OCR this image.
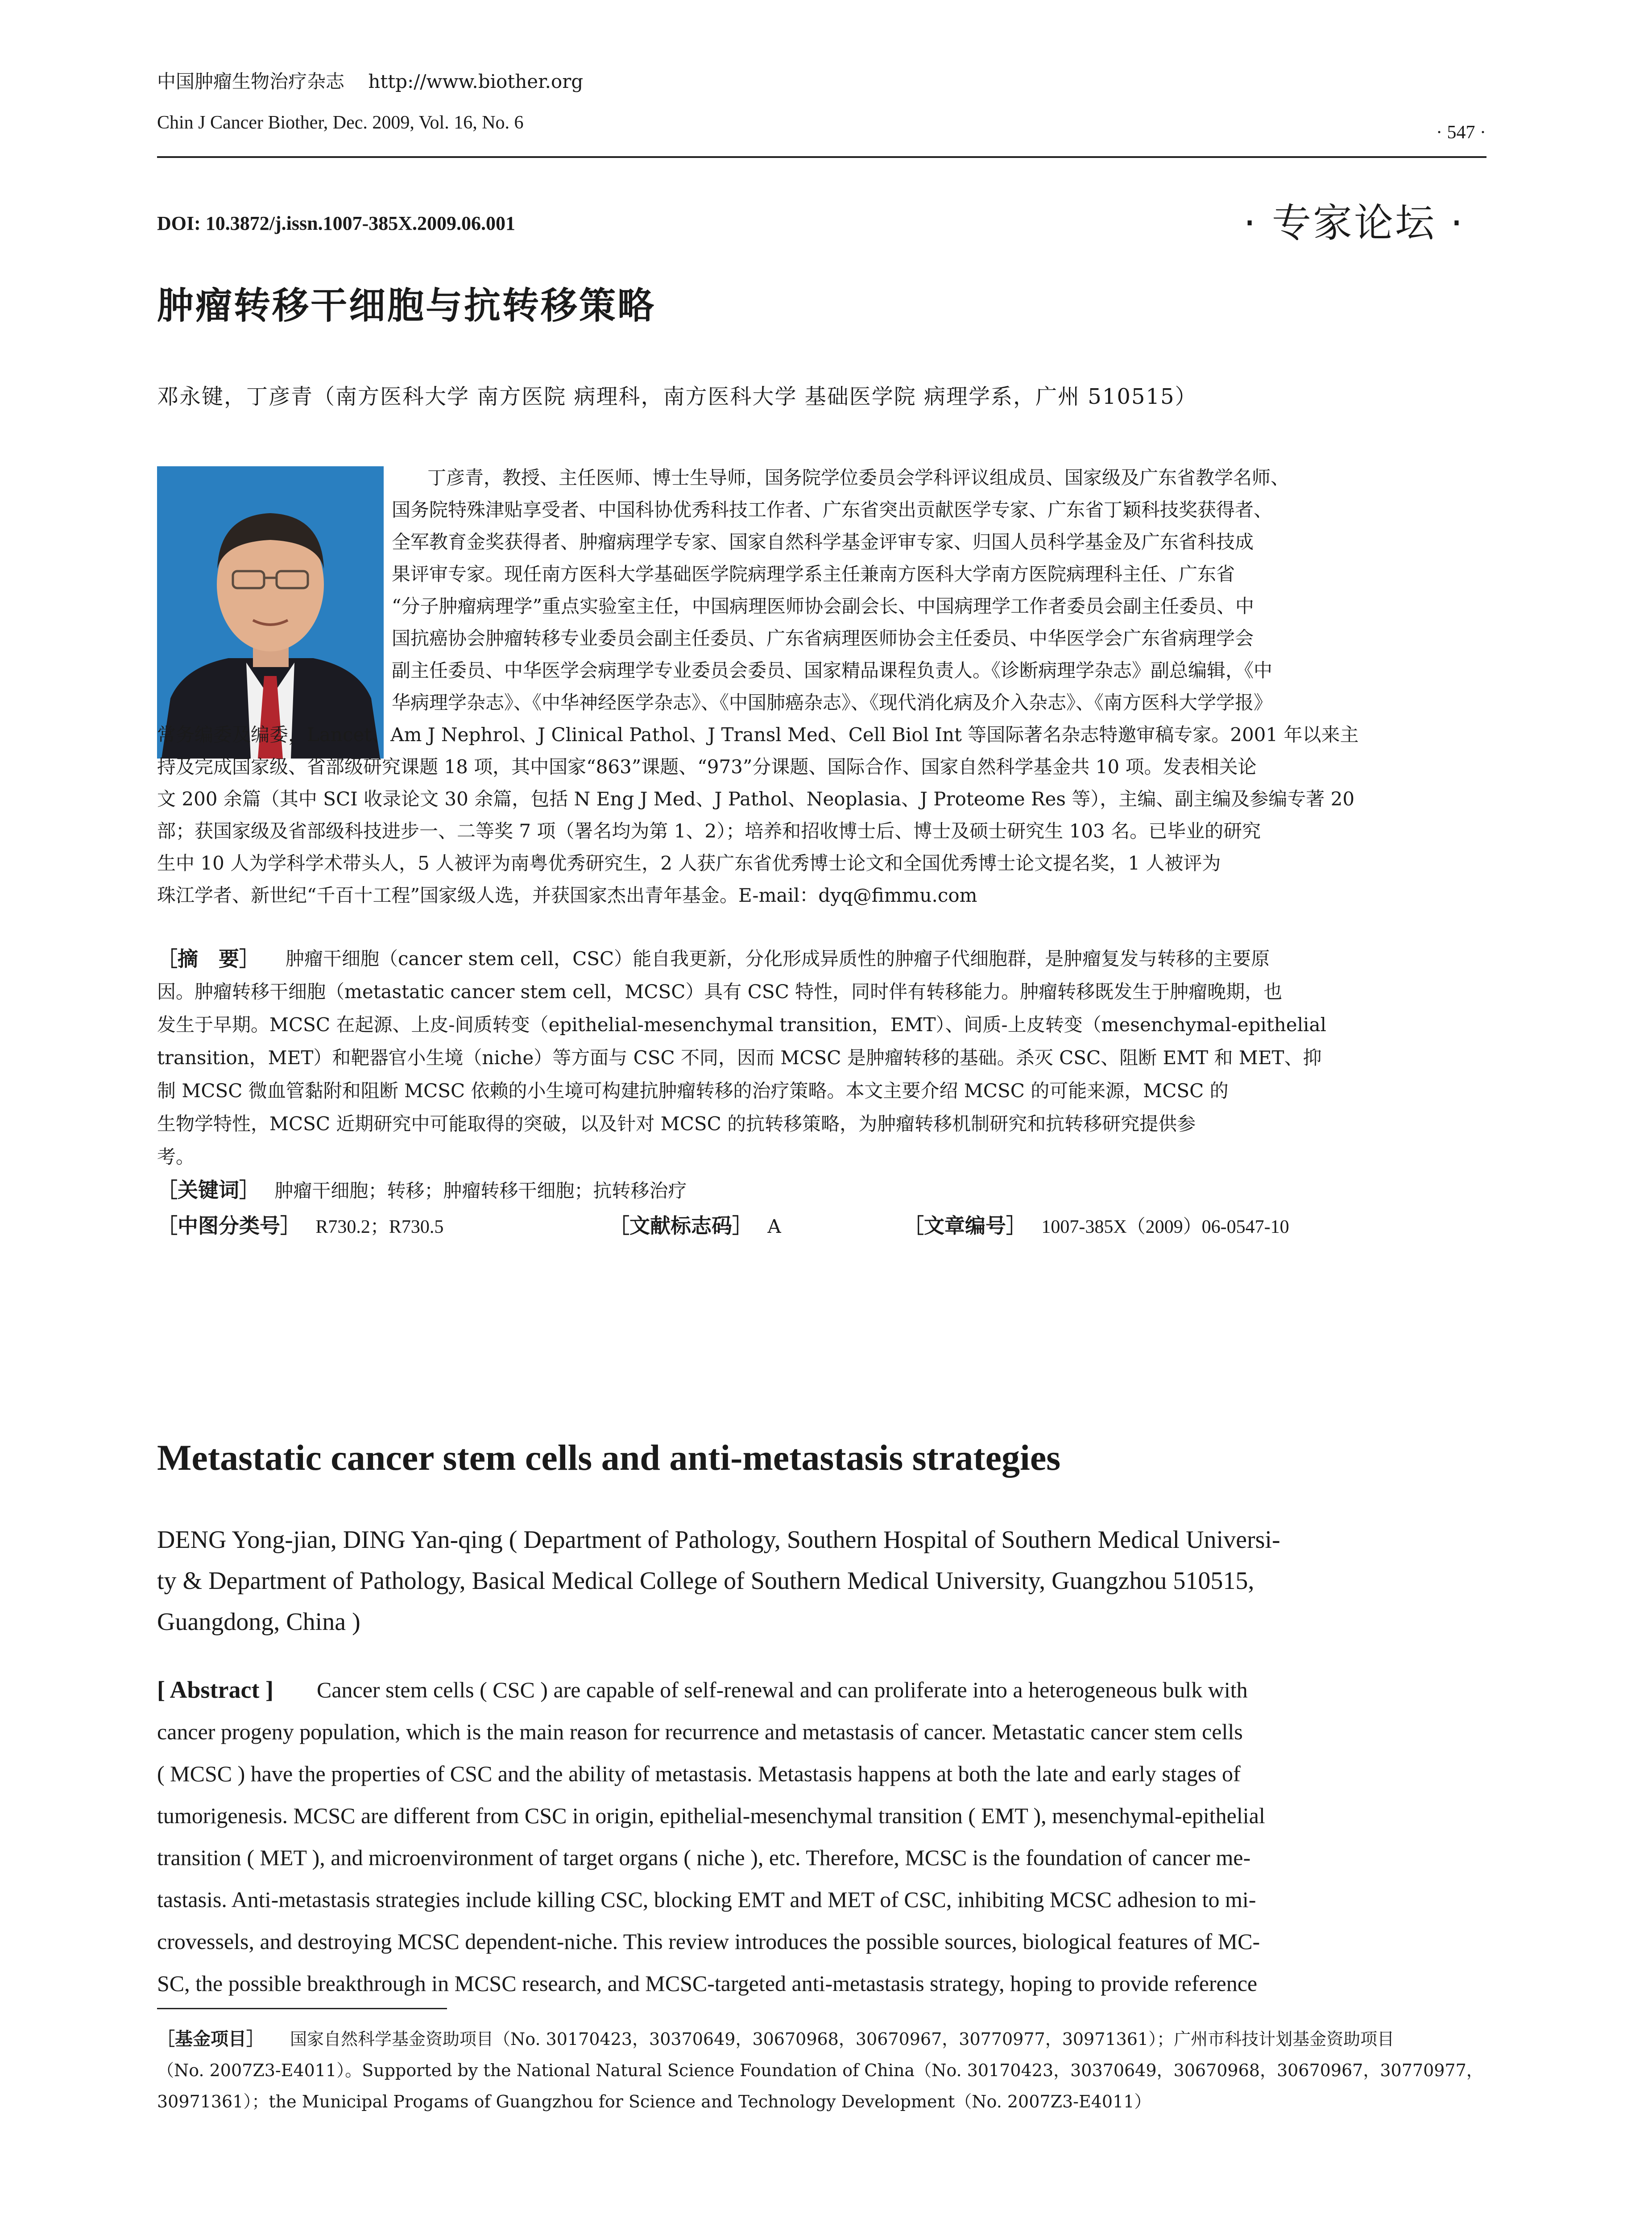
中国肿瘤生物治疗杂志 http://www.biother.org
Chin J Cancer Biother, Dec. 2009, Vol. 16, No. 6	· 547 ·
DOI: 10.3872/j.issn.1007-385X.2009.06.001	· 专家论坛 ·
肿瘤转移干细胞与抗转移策略
邓永键，丁彦青（南方医科大学 南方医院 病理科，南方医科大学 基础医学院 病理学系，广州 510515）
丁彦青，教授、主任医师、博士生导师，国务院学位委员会学科评议组成员、国家级及广东省教学名师、
国务院特殊津贴享受者、中国科协优秀科技工作者、广东省突出贡献医学专家、广东省丁颖科技奖获得者、
全军教育金奖获得者、肿瘤病理学专家、国家自然科学基金评审专家、归国人员科学基金及广东省科技成
果评审专家。现任南方医科大学基础医学院病理学系主任兼南方医科大学南方医院病理科主任、广东省
“分子肿瘤病理学”重点实验室主任，中国病理医师协会副会长、中国病理学工作者委员会副主任委员、中
国抗癌协会肿瘤转移专业委员会副主任委员、广东省病理医师协会主任委员、中华医学会广东省病理学会
副主任委员、中华医学会病理学专业委员会委员、国家精品课程负责人。《诊断病理学杂志》副总编辑，《中
华病理学杂志》、《中华神经医学杂志》、《中国肺癌杂志》、《现代消化病及介入杂志》、《南方医科大学学报》
常务编委及编委，Lancet、Am J Nephrol、J Clinical Pathol、J Transl Med、Cell Biol Int 等国际著名杂志特邀审稿专家。2001 年以来主
持及完成国家级、省部级研究课题 18 项，其中国家“863”课题、“973”分课题、国际合作、国家自然科学基金共 10 项。发表相关论
文 200 余篇（其中 SCI 收录论文 30 余篇，包括 N Eng J Med、J Pathol、Neoplasia、J Proteome Res 等），主编、副主编及参编专著 20
部；获国家级及省部级科技进步一、二等奖 7 项（署名均为第 1、2）；培养和招收博士后、博士及硕士研究生 103 名。已毕业的研究
生中 10 人为学科学术带头人，5 人被评为南粤优秀研究生，2 人获广东省优秀博士论文和全国优秀博士论文提名奖，1 人被评为
珠江学者、新世纪“千百十工程”国家级人选，并获国家杰出青年基金。E-mail：dyq@fimmu.com
［摘　要］ 肿瘤干细胞（cancer stem cell，CSC）能自我更新，分化形成异质性的肿瘤子代细胞群，是肿瘤复发与转移的主要原
因。肿瘤转移干细胞（metastatic cancer stem cell，MCSC）具有 CSC 特性，同时伴有转移能力。肿瘤转移既发生于肿瘤晚期，也
发生于早期。MCSC 在起源、上皮-间质转变（epithelial-mesenchymal transition，EMT）、间质-上皮转变（mesenchymal-epithelial
transition，MET）和靶器官小生境（niche）等方面与 CSC 不同，因而 MCSC 是肿瘤转移的基础。杀灭 CSC、阻断 EMT 和 MET、抑
制 MCSC 微血管黏附和阻断 MCSC 依赖的小生境可构建抗肿瘤转移的治疗策略。本文主要介绍 MCSC 的可能来源，MCSC 的
生物学特性，MCSC 近期研究中可能取得的突破，以及针对 MCSC 的抗转移策略，为肿瘤转移机制研究和抗转移研究提供参
考。
［关键词］ 肿瘤干细胞；转移；肿瘤转移干细胞；抗转移治疗
［中图分类号］ R730.2；R730.5	［文献标志码］ A	［文章编号］ 1007-385X（2009）06-0547-10
Metastatic cancer stem cells and anti-metastasis strategies
DENG Yong-jian, DING Yan-qing ( Department of Pathology, Southern Hospital of Southern Medical Universi-
ty & Department of Pathology, Basical Medical College of Southern Medical University, Guangzhou 510515,
Guangdong, China )
[ Abstract ] Cancer stem cells ( CSC ) are capable of self-renewal and can proliferate into a heterogeneous bulk with
cancer progeny population, which is the main reason for recurrence and metastasis of cancer. Metastatic cancer stem cells
( MCSC ) have the properties of CSC and the ability of metastasis. Metastasis happens at both the late and early stages of
tumorigenesis. MCSC are different from CSC in origin, epithelial-mesenchymal transition ( EMT ), mesenchymal-epithelial
transition ( MET ), and microenvironment of target organs ( niche ), etc. Therefore, MCSC is the foundation of cancer me-
tastasis. Anti-metastasis strategies include killing CSC, blocking EMT and MET of CSC, inhibiting MCSC adhesion to mi-
crovessels, and destroying MCSC dependent-niche. This review introduces the possible sources, biological features of MC-
SC, the possible breakthrough in MCSC research, and MCSC-targeted anti-metastasis strategy, hoping to provide reference
［基金项目］ 国家自然科学基金资助项目（No. 30170423，30370649，30670968，30670967，30770977，30971361）；广州市科技计划基金资助项目
（No. 2007Z3-E4011）。Supported by the National Natural Science Foundation of China（No. 30170423，30370649，30670968，30670967，30770977，
30971361）；the Municipal Progams of Guangzhou for Science and Technology Development（No. 2007Z3-E4011）
